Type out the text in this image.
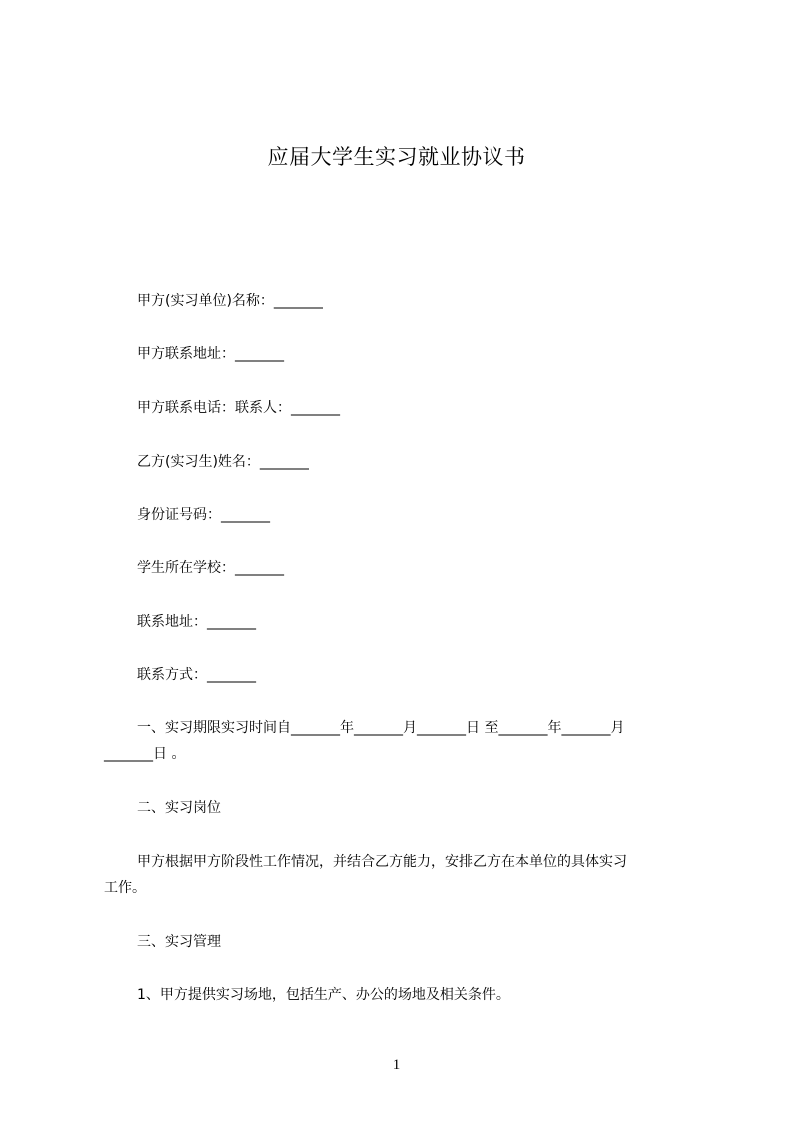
应届大学生实习就业协议书
甲方(实习单位)名称：_______
甲方联系地址：_______
甲方联系电话：联系人：_______
乙方(实习生)姓名：_______
身份证号码：_______
学生所在学校：_______
联系地址：_______
联系方式：_______
一、实习期限实习时间自_______年_______月_______日 至_______年_______月
_______日 。
二、实习岗位
甲方根据甲方阶段性工作情况，并结合乙方能力，安排乙方在本单位的具体实习
工作。
三、实习管理
1、甲方提供实习场地，包括生产、办公的场地及相关条件。
1
